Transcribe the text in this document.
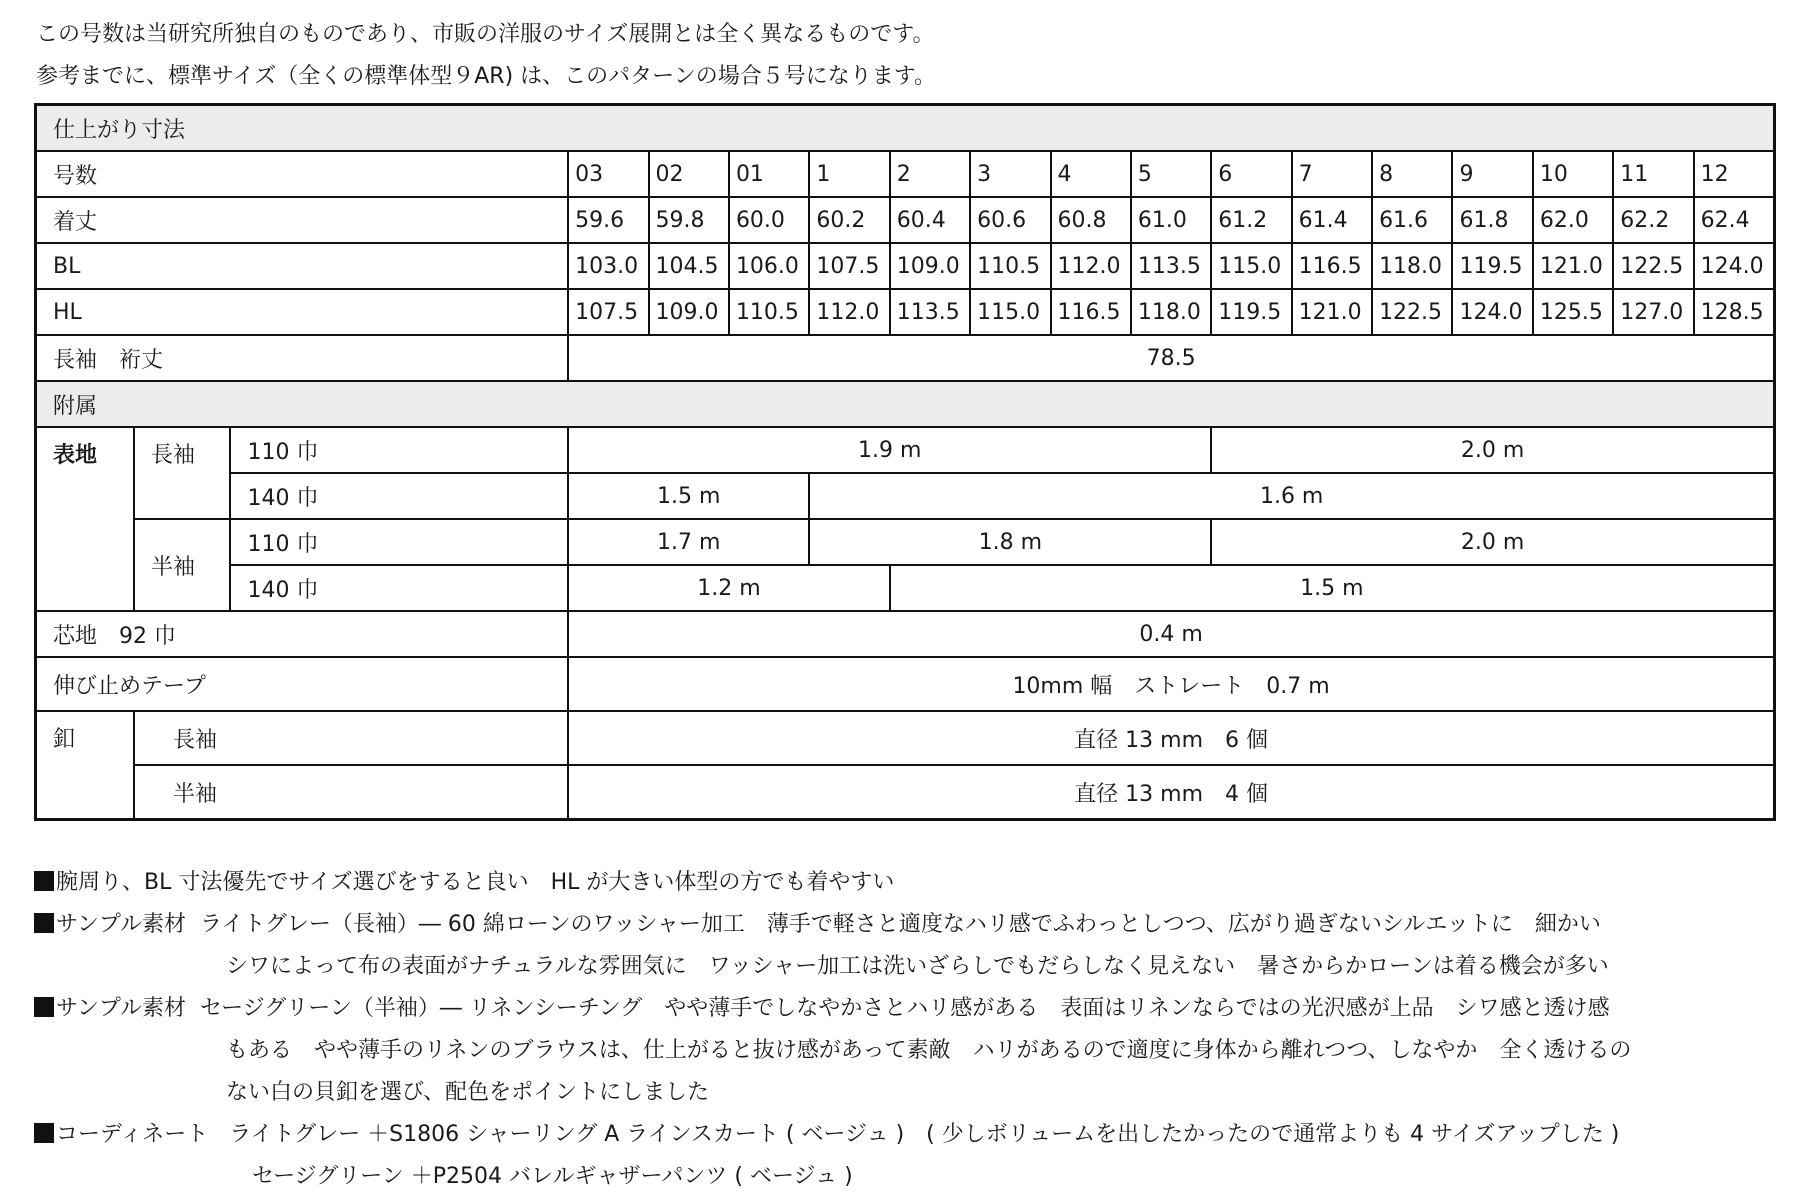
この号数は当研究所独自のものであり、市販の洋服のサイズ展開とは全く異なるものです。
参考までに、標準サイズ（全くの標準体型９AR) は、このパターンの場合５号になります。
仕上がり寸法																	
号数			03	02	01	1	2	3	4	5	6	7	8	9	10	11	12
着丈			59.6	59.8	60.0	60.2	60.4	60.6	60.8	61.0	61.2	61.4	61.6	61.8	62.0	62.2	62.4
BL			103.0	104.5	106.0	107.5	109.0	110.5	112.0	113.5	115.0	116.5	118.0	119.5	121.0	122.5	124.0
HL			107.5	109.0	110.5	112.0	113.5	115.0	116.5	118.0	119.5	121.0	122.5	124.0	125.5	127.0	128.5
長袖　裄丈			78.5														
附属																	
表地	長袖	110 巾	1.9 m								2.0 m						
		140 巾	1.5 m			1.6 m											
	半袖	110 巾	1.7 m			1.8 m					2.0 m						
		140 巾	1.2 m				1.5 m										
芯地　92 巾			0.4 m														
伸び止めテープ			10mm 幅　ストレート　0.7 m														
釦	長袖		直径 13 mm　6 個														
	半袖		直径 13 mm　4 個														
腕周り、BL 寸法優先でサイズ選びをすると良い　HL が大きい体型の方でも着やすい
サンプル素材 ライトグレー（長袖）― 60 綿ローンのワッシャー加工　薄手で軽さと適度なハリ感でふわっとしつつ、広がり過ぎないシルエットに　細かい
シワによって布の表面がナチュラルな雰囲気に　ワッシャー加工は洗いざらしでもだらしなく見えない　暑さからかローンは着る機会が多い
サンプル素材 セージグリーン（半袖）― リネンシーチング　やや薄手でしなやかさとハリ感がある　表面はリネンならではの光沢感が上品　シワ感と透け感
もある　やや薄手のリネンのブラウスは、仕上がると抜け感があって素敵　ハリがあるので適度に身体から離れつつ、しなやか　全く透けるの
ない白の貝釦を選び、配色をポイントにしました
コーディネート ライトグレー ＋S1806 シャーリング A ラインスカート ( ベージュ )　( 少しボリュームを出したかったので通常よりも 4 サイズアップした )
セージグリーン ＋P2504 バレルギャザーパンツ ( ベージュ )
